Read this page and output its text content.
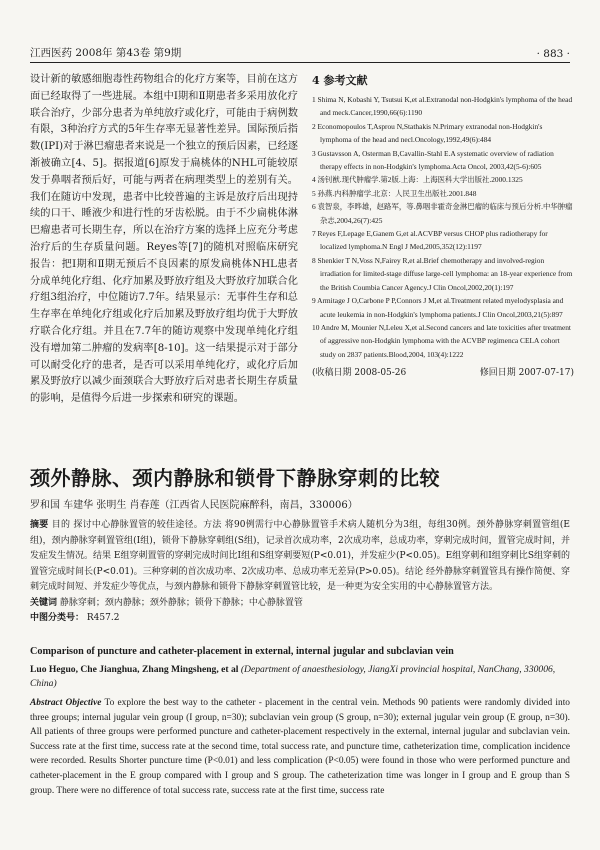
江西医药 2008年 第43卷 第9期	· 883 ·

设计新的敏感细胞毒性药物组合的化疗方案等，目前在这方面已经取得了一些进展。本组中Ⅰ期和Ⅱ期患者多采用放化疗联合治疗，少部分患者为单纯放疗或化疗，可能由于病例数有限，3种治疗方式的5年生存率无显著性差异。国际预后指数(IPI)对于淋巴瘤患者来说是一个独立的预后因素，已经逐渐被确立[4、5]。据报道[6]原发于扁桃体的NHL可能较原发于鼻咽者预后好，可能与两者在病理类型上的差别有关。我们在随访中发现，患者中比较普遍的主诉是放疗后出现持续的口干、睡液少和进行性的牙齿松脱。由于不少扁桃体淋巴瘤患者可长期生存，所以在治疗方案的选择上应充分考虑治疗后的生存质量问题。Reyes等[7]的随机对照临床研究报告：把Ⅰ期和Ⅱ期无预后不良因素的原发扁桃体NHL患者分成单纯化疗组、化疗加累及野放疗组及大野放疗加联合化疗组3组治疗，中位随访7.7年。结果显示：无事件生存和总生存率在单纯化疗组或化疗后加累及野放疗组均优于大野放疗联合化疗组。并且在7.7年的随访观察中发现单纯化疗组没有增加第二肿瘤的发病率[8-10]。这一结果提示对于部分可以耐受化疗的患者，是否可以采用单纯化疗，或化疗后加累及野放疗以减少面颈联合大野放疗后对患者长期生存质量的影响，是值得今后进一步探索和研究的课题。

4 参考文献
1 Shima N, Kobashi Y, Tsutsui K,et al.Extranodal non-Hodgkin's lymphoma of the head and meck.Cancer,1990,66(6):1190
2 Economopoulos T,Asprou N,Stathakis N.Primary extranodal non-Hodgkin's lymphoma of the head and necl.Oncology,1992,49(6):484
3 Gustavsson A, Osterman B,Cavallin-Stahl E.A systematic overview of radiation therapy effects in non-Hodgkin's lymphoma.Acta Oncol, 2003,42(5-6):605
4 汤钊猷.现代肿瘤学.第2版.上海：上海医科大学出版社.2000.1325
5 孙燕.内科肿瘤学.北京：人民卫生出版社.2001.848
6 袁智泉，李晔雄，赵路军，等.鼻咽非霍奇金淋巴瘤的临床与预后分析.中华肿瘤杂志,2004,26(7):425
7 Reyes F,Lepage E,Ganem G,et al.ACVBP versus CHOP plus radiotherapy for localized lymphoma.N Engl J Med,2005,352(12):1197
8 Shenkier T N,Voss N,Fairey R,et al.Brief chemotherapy and involved-region irradiation for limited-stage diffuse large-cell lymphoma: an 18-year experience from the British Coumbia Cancer Agency.J Clin Oncol,2002,20(1):197
9 Armitage J O,Carbone P P,Connors J M,et al.Treatment related myelodysplasia and acute leukemia in non-Hodgkin's lymphoma patients.J Clin Oncol,2003,21(5):897
10 Andre M, Mounier N,Leleu X,et al.Second cancers and late toxicities after treatment of aggressive non-Hodgkin lymphoma with the ACVBP regimenca CELA cohort study on 2837 patients.Blood,2004, 103(4):1222
(收稿日期 2008-05-26	修回日期 2007-07-17)
颈外静脉、颈内静脉和锁骨下静脉穿刺的比较
罗和国 车建华 张明生 肖春莲（江西省人民医院麻醉科，南昌，330006）

摘要 目的 探讨中心静脉置管的较佳途径。方法 将90例需行中心静脉置管手术病人随机分为3组，每组30例。颈外静脉穿刺置管组(E组)，颈内静脉穿刺置管组(I组)，锁骨下静脉穿刺组(S组)，记录首次成功率，2次成功率，总成功率，穿刺完成时间，置管完成时间，并发症发生情况。结果 E组穿刺置管的穿刺完成时间比I组和S组穿刺要短(P<0.01)，并发症少(P<0.05)。E组穿刺和I组穿刺比S组穿刺的置管完成时间长(P<0.01)。三种穿刺的首次成功率、2次成功率、总成功率无差异(P>0.05)。结论 经外静脉穿刺置管具有操作简便、穿刺完成时间短、并发症少等优点，与颈内静脉和锁骨下静脉穿刺置管比较，是一种更为安全实用的中心静脉置管方法。

关键词 静脉穿刺；颈内静脉；颈外静脉；锁骨下静脉；中心静脉置管

中图分类号： R457.2

Comparison of puncture and catheter-placement in external, internal jugular and subclavian vein
Luo Heguo, Che Jianghua, Zhang Mingsheng, et al (Department of anaesthesiology, JiangXi provincial hospital, NanChang, 330006, China)
Abstract Objective To explore the best way to the catheter - placement in the central vein. Methods 90 patients were randomly divided into three groups; internal jugular vein group (I group, n=30); subclavian vein group (S group, n=30); external jugular vein group (E group, n=30). All patients of three groups were performed puncture and catheter-placement respectively in the external, internal jugular and subclavian vein. Success rate at the first time, success rate at the second time, total success rate, and puncture time, catheterization time, complication incidence were recorded. Results Shorter puncture time (P<0.01) and less complication (P<0.05) were found in those who were performed puncture and catheter-placement in the E group compared with I group and S group. The catheterization time was longer in I group and E group than S group. There were no difference of total success rate, success rate at the first time, success rate
